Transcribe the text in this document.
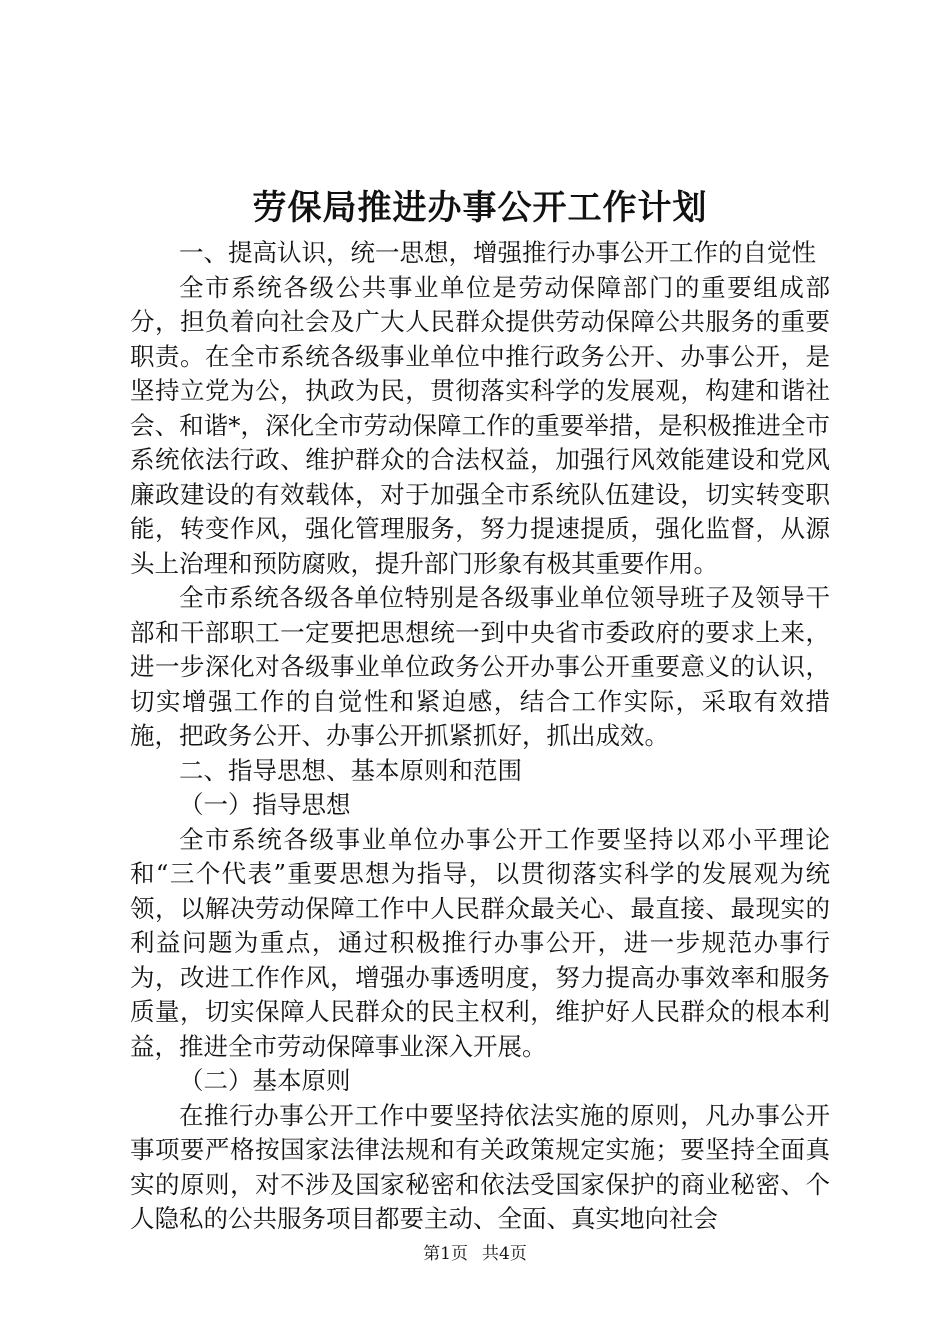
劳保局推进办事公开工作计划

一、提高认识，统一思想，增强推行办事公开工作的自觉性

全市系统各级公共事业单位是劳动保障部门的重要组成部分，担负着向社会及广大人民群众提供劳动保障公共服务的重要职责。在全市系统各级事业单位中推行政务公开、办事公开，是坚持立党为公，执政为民，贯彻落实科学的发展观，构建和谐社会、和谐*，深化全市劳动保障工作的重要举措，是积极推进全市系统依法行政、维护群众的合法权益，加强行风效能建设和党风廉政建设的有效载体，对于加强全市系统队伍建设，切实转变职能，转变作风，强化管理服务，努力提速提质，强化监督，从源头上治理和预防腐败，提升部门形象有极其重要作用。

全市系统各级各单位特别是各级事业单位领导班子及领导干部和干部职工一定要把思想统一到中央省市委政府的要求上来，进一步深化对各级事业单位政务公开办事公开重要意义的认识，切实增强工作的自觉性和紧迫感，结合工作实际，采取有效措施，把政务公开、办事公开抓紧抓好，抓出成效。

二、指导思想、基本原则和范围

（一）指导思想

全市系统各级事业单位办事公开工作要坚持以邓小平理论和“三个代表”重要思想为指导，以贯彻落实科学的发展观为统领，以解决劳动保障工作中人民群众最关心、最直接、最现实的利益问题为重点，通过积极推行办事公开，进一步规范办事行为，改进工作作风，增强办事透明度，努力提高办事效率和服务质量，切实保障人民群众的民主权利，维护好人民群众的根本利益，推进全市劳动保障事业深入开展。

（二）基本原则

在推行办事公开工作中要坚持依法实施的原则，凡办事公开事项要严格按国家法律法规和有关政策规定实施；要坚持全面真实的原则，对不涉及国家秘密和依法受国家保护的商业秘密、个人隐私的公共服务项目都要主动、全面、真实地向社会

第1页 共4页
